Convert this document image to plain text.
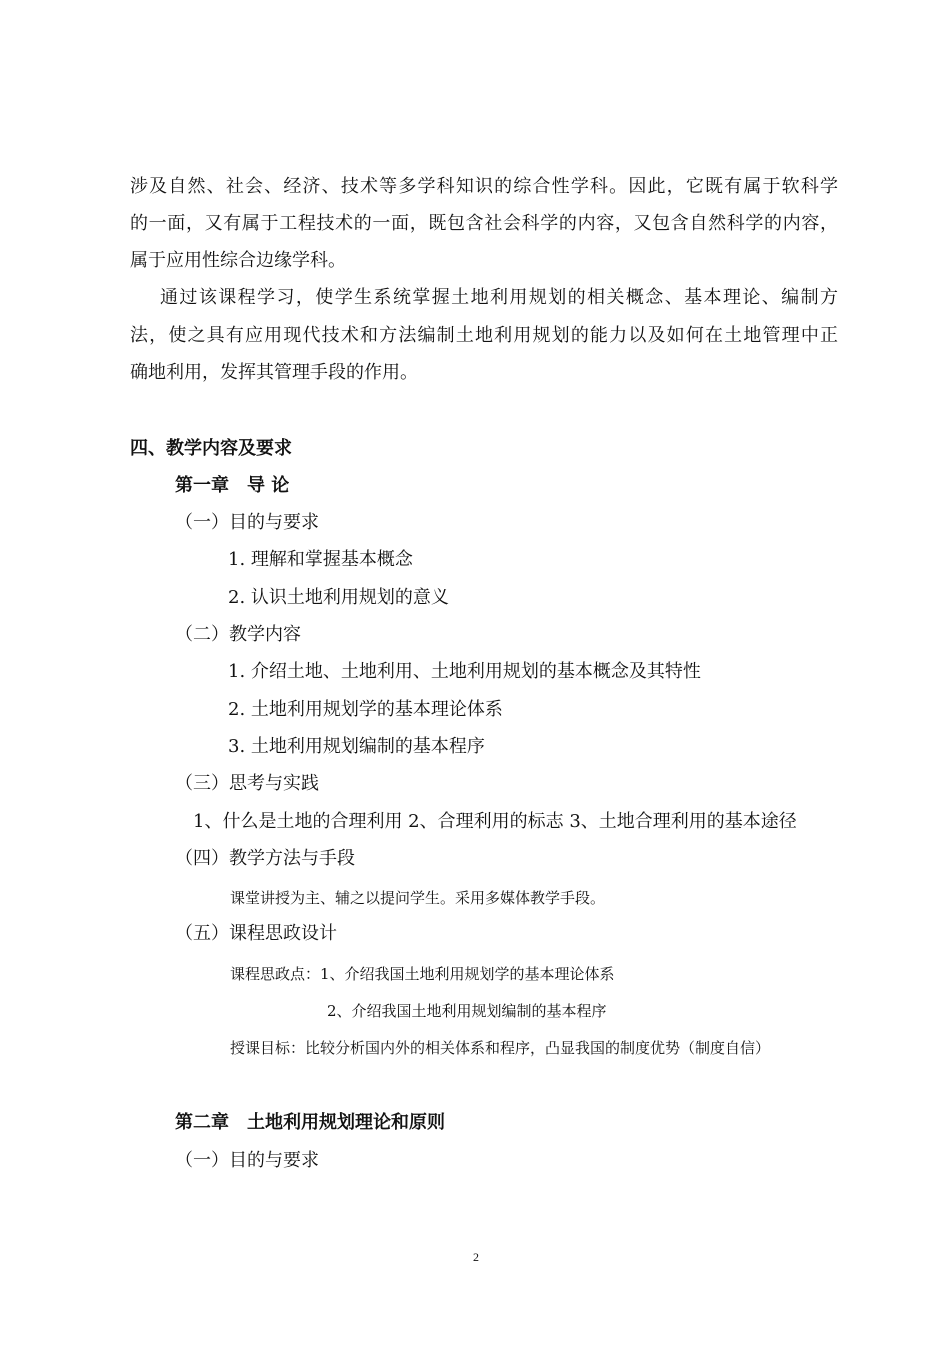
涉及自然、社会、经济、技术等多学科知识的综合性学科。因此，它既有属于软科学
的一面，又有属于工程技术的一面，既包含社会科学的内容，又包含自然科学的内容，
属于应用性综合边缘学科。
通过该课程学习，使学生系统掌握土地利用规划的相关概念、基本理论、编制方
法，使之具有应用现代技术和方法编制土地利用规划的能力以及如何在土地管理中正
确地利用，发挥其管理手段的作用。
四、教学内容及要求
第一章　导 论
（一）目的与要求
1. 理解和掌握基本概念
2. 认识土地利用规划的意义
（二）教学内容
1. 介绍土地、土地利用、土地利用规划的基本概念及其特性
2. 土地利用规划学的基本理论体系
3. 土地利用规划编制的基本程序
（三）思考与实践
1、什么是土地的合理利用 2、合理利用的标志 3、土地合理利用的基本途径
（四）教学方法与手段
课堂讲授为主、辅之以提问学生。采用多媒体教学手段。
（五）课程思政设计
课程思政点：1、介绍我国土地利用规划学的基本理论体系
2、介绍我国土地利用规划编制的基本程序
授课目标：比较分析国内外的相关体系和程序，凸显我国的制度优势（制度自信）
第二章　土地利用规划理论和原则
（一）目的与要求
2
